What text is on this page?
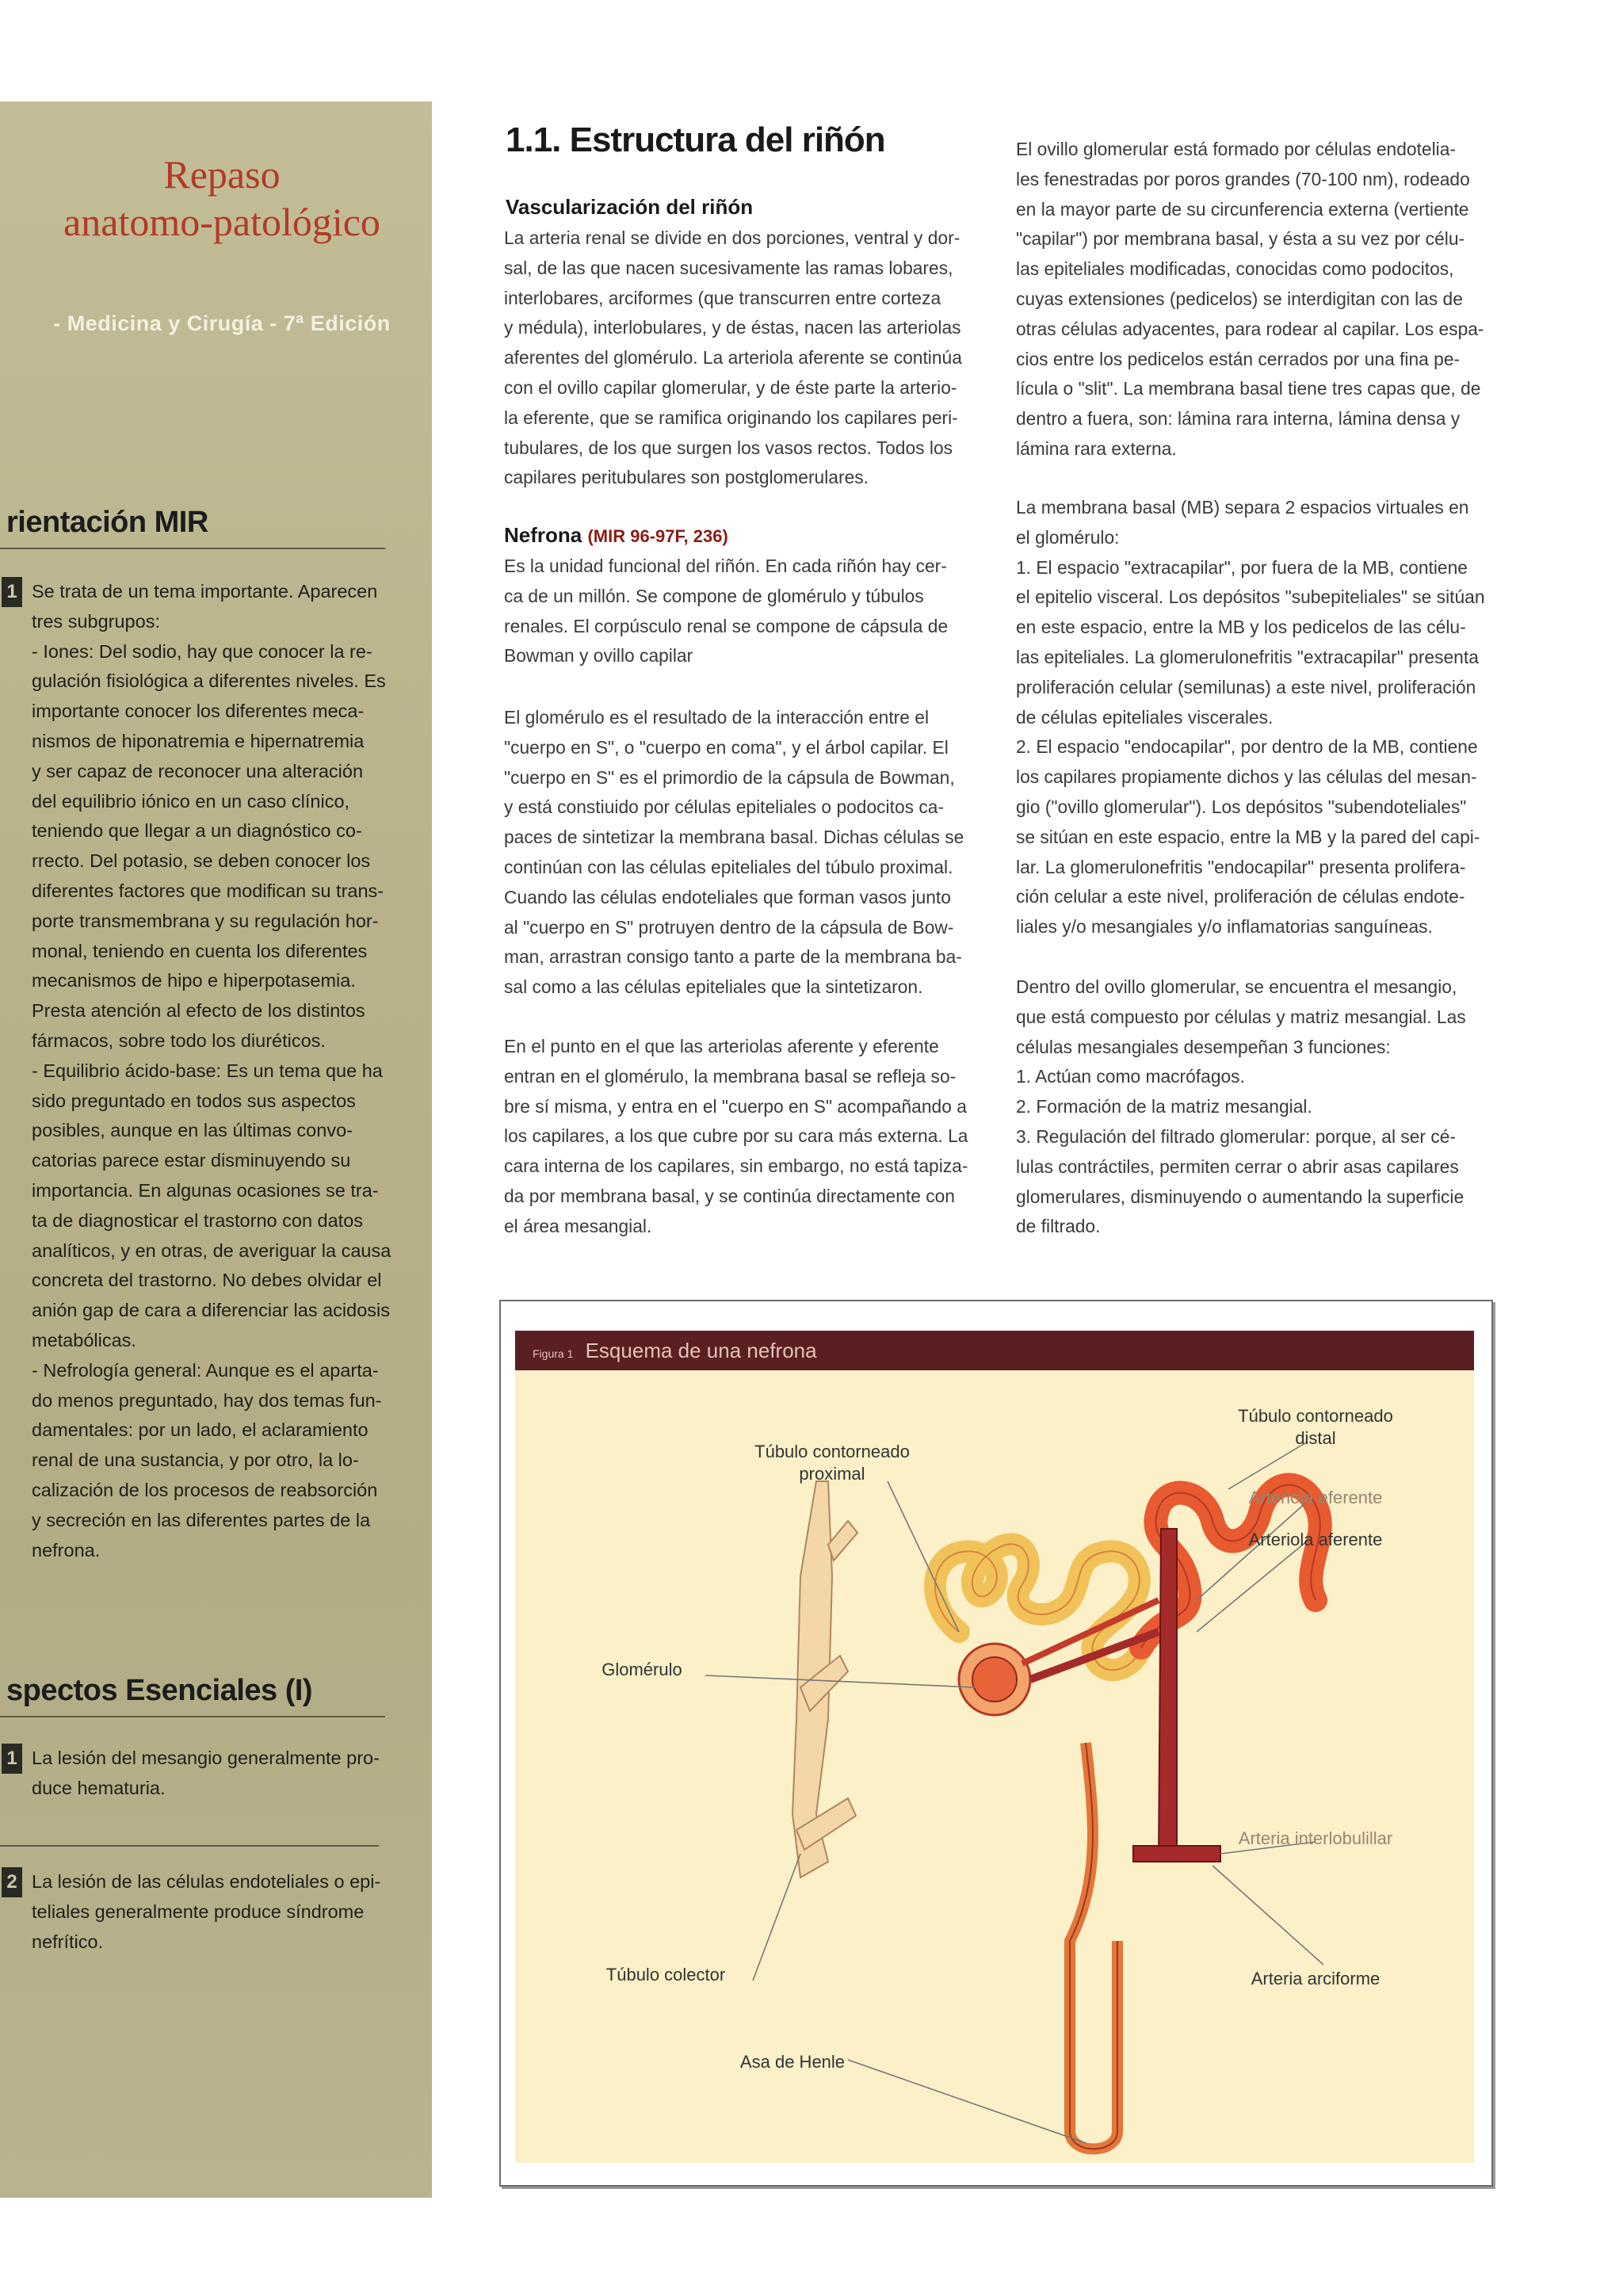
Repaso
anatomo-patológico
- Medicina y Cirugía - 7ª Edición
rientación MIR
1 Se trata de un tema importante. Aparecen
tres subgrupos:
- Iones: Del sodio, hay que conocer la re-
gulación fisiológica a diferentes niveles. Es
importante conocer los diferentes meca-
nismos de hiponatremia e hipernatremia
y ser capaz de reconocer una alteración
del equilibrio iónico en un caso clínico,
teniendo que llegar a un diagnóstico co-
rrecto. Del potasio, se deben conocer los
diferentes factores que modifican su trans-
porte transmembrana y su regulación hor-
monal, teniendo en cuenta los diferentes
mecanismos de hipo e hiperpotasemia.
Presta atención al efecto de los distintos
fármacos, sobre todo los diuréticos.
- Equilibrio ácido-base: Es un tema que ha
sido preguntado en todos sus aspectos
posibles, aunque en las últimas convo-
catorias parece estar disminuyendo su
importancia. En algunas ocasiones se tra-
ta de diagnosticar el trastorno con datos
analíticos, y en otras, de averiguar la causa
concreta del trastorno. No debes olvidar el
anión gap de cara a diferenciar las acidosis
metabólicas.
- Nefrología general: Aunque es el aparta-
do menos preguntado, hay dos temas fun-
damentales: por un lado, el aclaramiento
renal de una sustancia, y por otro, la lo-
calización de los procesos de reabsorción
y secreción en las diferentes partes de la
nefrona.
spectos Esenciales (I)
1 La lesión del mesangio generalmente pro-
duce hematuria.
2 La lesión de las células endoteliales o epi-
teliales generalmente produce síndrome
nefrítico.
1.1. Estructura del riñón
Vascularización del riñón
La arteria renal se divide en dos porciones, ventral y dor-
sal, de las que nacen sucesivamente las ramas lobares,
interlobares, arciformes (que transcurren entre corteza
y médula), interlobulares, y de éstas, nacen las arteriolas
aferentes del glomérulo. La arteriola aferente se continúa
con el ovillo capilar glomerular, y de éste parte la arterio-
la eferente, que se ramifica originando los capilares peri-
tubulares, de los que surgen los vasos rectos. Todos los
capilares peritubulares son postglomerulares.
Nefrona (MIR 96-97F, 236)
Es la unidad funcional del riñón. En cada riñón hay cer-
ca de un millón. Se compone de glomérulo y túbulos
renales. El corpúsculo renal se compone de cápsula de
Bowman y ovillo capilar
El glomérulo es el resultado de la interacción entre el
"cuerpo en S", o "cuerpo en coma", y el árbol capilar. El
"cuerpo en S" es el primordio de la cápsula de Bowman,
y está constiuido por células epiteliales o podocitos ca-
paces de sintetizar la membrana basal. Dichas células se
continúan con las células epiteliales del túbulo proximal.
Cuando las células endoteliales que forman vasos junto
al "cuerpo en S" protruyen dentro de la cápsula de Bow-
man, arrastran consigo tanto a parte de la membrana ba-
sal como a las células epiteliales que la sintetizaron.
En el punto en el que las arteriolas aferente y eferente
entran en el glomérulo, la membrana basal se refleja so-
bre sí misma, y entra en el "cuerpo en S" acompañando a
los capilares, a los que cubre por su cara más externa. La
cara interna de los capilares, sin embargo, no está tapiza-
da por membrana basal, y se continúa directamente con
el área mesangial.
El ovillo glomerular está formado por células endotelia-
les fenestradas por poros grandes (70-100 nm), rodeado
en la mayor parte de su circunferencia externa (vertiente
"capilar") por membrana basal, y ésta a su vez por célu-
las epiteliales modificadas, conocidas como podocitos,
cuyas extensiones (pedicelos) se interdigitan con las de
otras células adyacentes, para rodear al capilar. Los espa-
cios entre los pedicelos están cerrados por una fina pe-
lícula o "slit". La membrana basal tiene tres capas que, de
dentro a fuera, son: lámina rara interna, lámina densa y
lámina rara externa.
La membrana basal (MB) separa 2 espacios virtuales en
el glomérulo:
1. El espacio "extracapilar", por fuera de la MB, contiene
el epitelio visceral. Los depósitos "subepiteliales" se sitúan
en este espacio, entre la MB y los pedicelos de las célu-
las epiteliales. La glomerulonefritis "extracapilar" presenta
proliferación celular (semilunas) a este nivel, proliferación
de células epiteliales viscerales.
2. El espacio "endocapilar", por dentro de la MB, contiene
los capilares propiamente dichos y las células del mesan-
gio ("ovillo glomerular"). Los depósitos "subendoteliales"
se sitúan en este espacio, entre la MB y la pared del capi-
lar. La glomerulonefritis "endocapilar" presenta prolifera-
ción celular a este nivel, proliferación de células endote-
liales y/o mesangiales y/o inflamatorias sanguíneas.
Dentro del ovillo glomerular, se encuentra el mesangio,
que está compuesto por células y matriz mesangial. Las
células mesangiales desempeñan 3 funciones:
1. Actúan como macrófagos.
2. Formación de la matriz mesangial.
3. Regulación del filtrado glomerular: porque, al ser cé-
lulas contráctiles, permiten cerrar o abrir asas capilares
glomerulares, disminuyendo o aumentando la superficie
de filtrado.
Figura 1 Esquema de una nefrona
Túbulo contorneado
proximal
Túbulo contorneado
distal
Arteriola eferente
Arteriola aferente
Glomérulo
Arteria interlobulillar
Túbulo colector	Arteria arciforme
Asa de Henle
